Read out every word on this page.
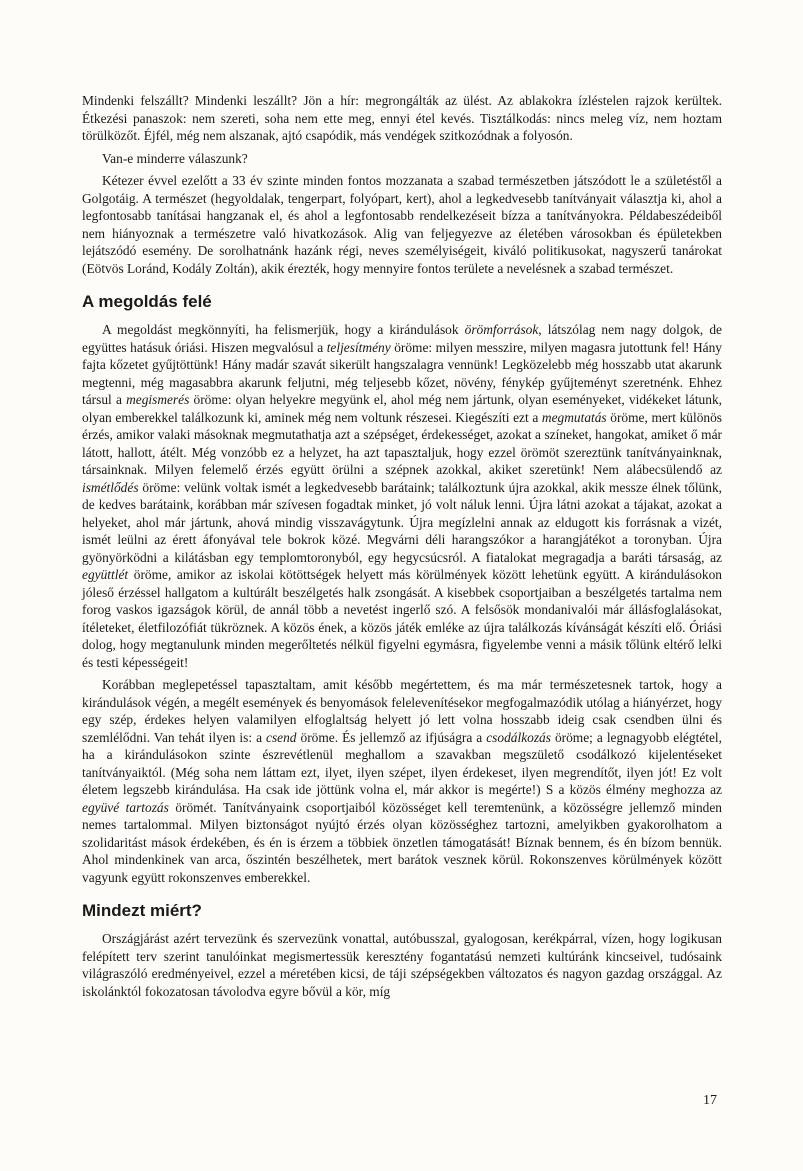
Mindenki felszállt? Mindenki leszállt? Jön a hír: megrongálták az ülést. Az ablakokra ízléstelen rajzok kerültek. Étkezési panaszok: nem szereti, soha nem ette meg, ennyi étel kevés. Tisztálkodás: nincs meleg víz, nem hoztam törülközőt. Éjfél, még nem alszanak, ajtó csapódik, más vendégek szitkozódnak a folyosón.

Van-e minderre válaszunk?

Kétezer évvel ezelőtt a 33 év szinte minden fontos mozzanata a szabad természetben játszódott le a születéstől a Golgotáig. A természet (hegyoldalak, tengerpart, folyópart, kert), ahol a legkedvesebb tanítványait választja ki, ahol a legfontosabb tanításai hangzanak el, és ahol a legfontosabb rendelkezéseit bízza a tanítványokra. Példabeszédeiből nem hiányoznak a természetre való hivatkozások. Alig van feljegyezve az életében városokban és épületekben lejátszódó esemény. De sorolhatnánk hazánk régi, neves személyiségeit, kiváló politikusokat, nagyszerű tanárokat (Eötvös Loránd, Kodály Zoltán), akik érezték, hogy mennyire fontos területe a nevelésnek a szabad természet.

A megoldás felé

A megoldást megkönnyíti, ha felismerjük, hogy a kirándulások örömforrások, látszólag nem nagy dolgok, de együttes hatásuk óriási. Hiszen megvalósul a teljesítmény öröme: milyen messzire, milyen magasra jutottunk fel! Hány fajta kőzetet gyűjtöttünk! Hány madár szavát sikerült hangszalagra vennünk! Legközelebb még hosszabb utat akarunk megtenni, még magasabbra akarunk feljutni, még teljesebb kőzet, növény, fénykép gyűjteményt szeretnénk. Ehhez társul a megismerés öröme: olyan helyekre megyünk el, ahol még nem jártunk, olyan eseményeket, vidékeket látunk, olyan emberekkel találkozunk ki, aminek még nem voltunk részesei. Kiegészíti ezt a megmutatás öröme, mert különös érzés, amikor valaki másoknak megmutathatja azt a szépséget, érdekességet, azokat a színeket, hangokat, amiket ő már látott, hallott, átélt. Még vonzóbb ez a helyzet, ha azt tapasztaljuk, hogy ezzel örömöt szereztünk tanítványainknak, társainknak. Milyen felemelő érzés együtt örülni a szépnek azokkal, akiket szeretünk! Nem alábecsülendő az ismétlődés öröme: velünk voltak ismét a legkedvesebb barátaink; találkoztunk újra azokkal, akik messze élnek tőlünk, de kedves barátaink, korábban már szívesen fogadtak minket, jó volt náluk lenni. Újra látni azokat a tájakat, azokat a helyeket, ahol már jártunk, ahová mindig visszavágytunk. Újra megízlelni annak az eldugott kis forrásnak a vizét, ismét leülni az érett áfonyával tele bokrok közé. Megvárni déli harangszókor a harangjátékot a toronyban. Újra gyönyörködni a kilátásban egy templomtoronyból, egy hegycsúcsról. A fiatalokat megragadja a baráti társaság, az együttlét öröme, amikor az iskolai kötöttségek helyett más körülmények között lehetünk együtt. A kirándulásokon jóleső érzéssel hallgatom a kultúrált beszélgetés halk zsongását. A kisebbek csoportjaiban a beszélgetés tartalma nem forog vaskos igazságok körül, de annál több a nevetést ingerlő szó. A felsősök mondanivalói már állásfoglalásokat, ítéleteket, életfilozófiát tükröznek. A közös ének, a közös játék emléke az újra találkozás kívánságát készíti elő. Óriási dolog, hogy megtanulunk minden megerőltetés nélkül figyelni egymásra, figyelembe venni a másik tőlünk eltérő lelki és testi képességeit!

Korábban meglepetéssel tapasztaltam, amit később megértettem, és ma már természetesnek tartok, hogy a kirándulások végén, a megélt események és benyomások felelevenítésekor megfogalmazódik utólag a hiányérzet, hogy egy szép, érdekes helyen valamilyen elfoglaltság helyett jó lett volna hosszabb ideig csak csendben ülni és szemlélődni. Van tehát ilyen is: a csend öröme. És jellemző az ifjúságra a csodálkozás öröme; a legnagyobb elégtétel, ha a kirándulásokon szinte észrevétlenül meghallom a szavakban megszülető csodálkozó kijelentéseket tanítványaiktól. (Még soha nem láttam ezt, ilyet, ilyen szépet, ilyen érdekeset, ilyen megrendítőt, ilyen jót! Ez volt életem legszebb kirándulása. Ha csak ide jöttünk volna el, már akkor is megérte!) S a közös élmény meghozza az együvé tartozás örömét. Tanítványaink csoportjaiból közösséget kell teremtenünk, a közösségre jellemző minden nemes tartalommal. Milyen biztonságot nyújtó érzés olyan közösséghez tartozni, amelyikben gyakorolhatom a szolidaritást mások érdekében, és én is érzem a többiek önzetlen támogatását! Bíznak bennem, és én bízom bennük. Ahol mindenkinek van arca, őszintén beszélhetek, mert barátok vesznek körül. Rokonszenves körülmények között vagyunk együtt rokonszenves emberekkel.

Mindezt miért?

Országjárást azért tervezünk és szervezünk vonattal, autóbusszal, gyalogosan, kerékpárral, vízen, hogy logikusan felépített terv szerint tanulóinkat megismertessük keresztény fogantatású nemzeti kultúránk kincseivel, tudósaink világraszóló eredményeivel, ezzel a méretében kicsi, de táji szépségekben változatos és nagyon gazdag országgal. Az iskolánktól fokozatosan távolodva egyre bővül a kör, míg

17
